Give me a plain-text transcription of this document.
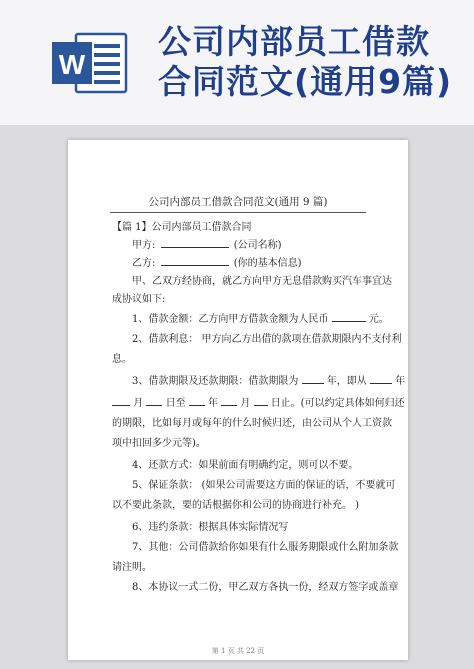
W
公司内部员工借款
合同范文(通用9篇)
公司内部员工借款合同范文(通用 9 篇)
【篇 1】公司内部员工借款合同
甲方:	(公司名称)
乙方:	(你的基本信息)
甲、乙双方经协商，就乙方向甲方无息借款购买汽车事宜达
成协议如下:
1、借款金额：乙方向甲方借款金额为人民币	元。
2、借款利息： 甲方向乙方出借的款项在借款期限内不支付利
息。
3、借款期限及还款期限：借款期限为	年，即从	年
月 日至 年 月 日止。(可以约定具体如何归还
的期限，比如每月或每年的什么时候归还，由公司从个人工资款
项中扣回多少元等)。
4、还款方式：如果前面有明确约定，则可以不要。
5、保证条款： (如果公司需要这方面的保证的话，不要就可
以不要此条款，要的话根据你和公司的协商进行补充。 )
6、违约条款：根据具体实际情况写
7、其他：公司借款给你如果有什么服务期限或什么附加条款
请注明。
8、本协议一式二份，甲乙双方各执一份，经双方签字或盖章
第 1 页 共 22 页
